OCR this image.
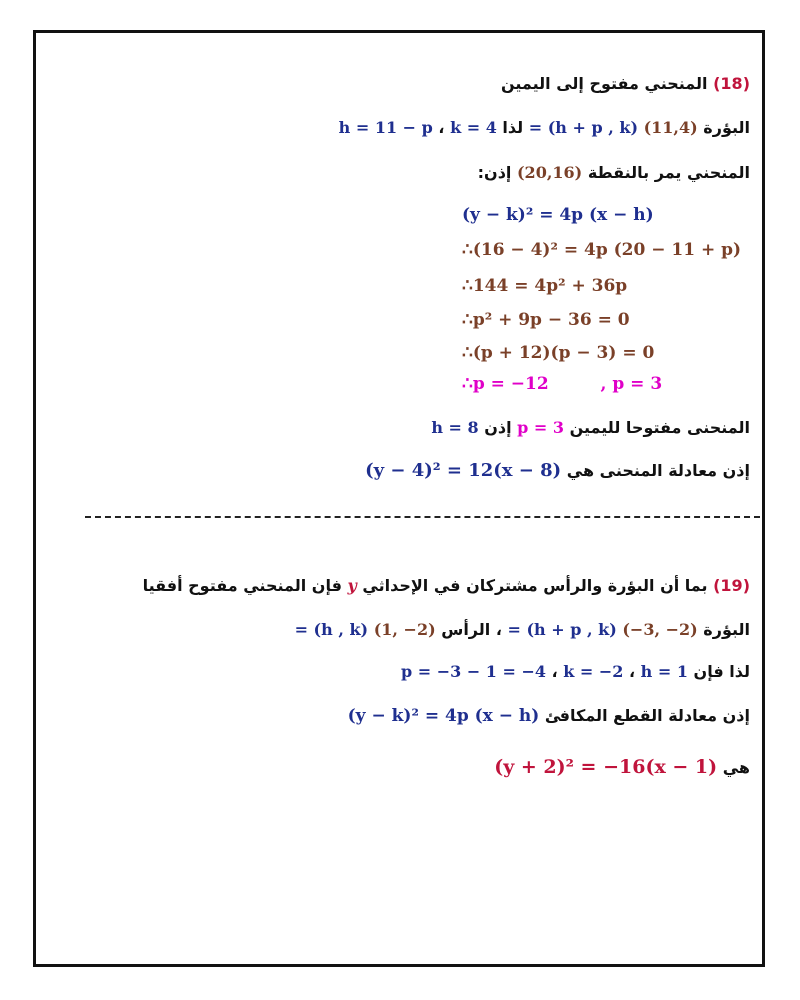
(18) المنحني مفتوح إلى اليمين
البؤرة (11,4) = (h + p , k) لذا k = 4 ، h = 11 − p
المنحني يمر بالنقطة (20,16) إذن:
(y − k)² = 4p (x − h)
∴(16 − 4)² = 4p (20 − 11 + p)
∴144 = 4p² + 36p
∴p² + 9p − 36 = 0
∴(p + 12)(p − 3) = 0
∴p = −12	, p = 3
المنحنى مفتوحا لليمين p = 3 إذن h = 8
إذن معادلة المنحنى هي (y − 4)² = 12(x − 8)
(19) بما أن البؤرة والرأس مشتركان في الإحداثي y فإن المنحني مفتوح أفقيا
البؤرة (−3, −2) = (h + p , k) ، الرأس (1, −2) = (h , k)
لذا فإن h = 1 ، k = −2 ، p = −3 − 1 = −4
إذن معادلة القطع المكافئ (y − k)² = 4p (x − h)
هي (y + 2)² = −16(x − 1)
